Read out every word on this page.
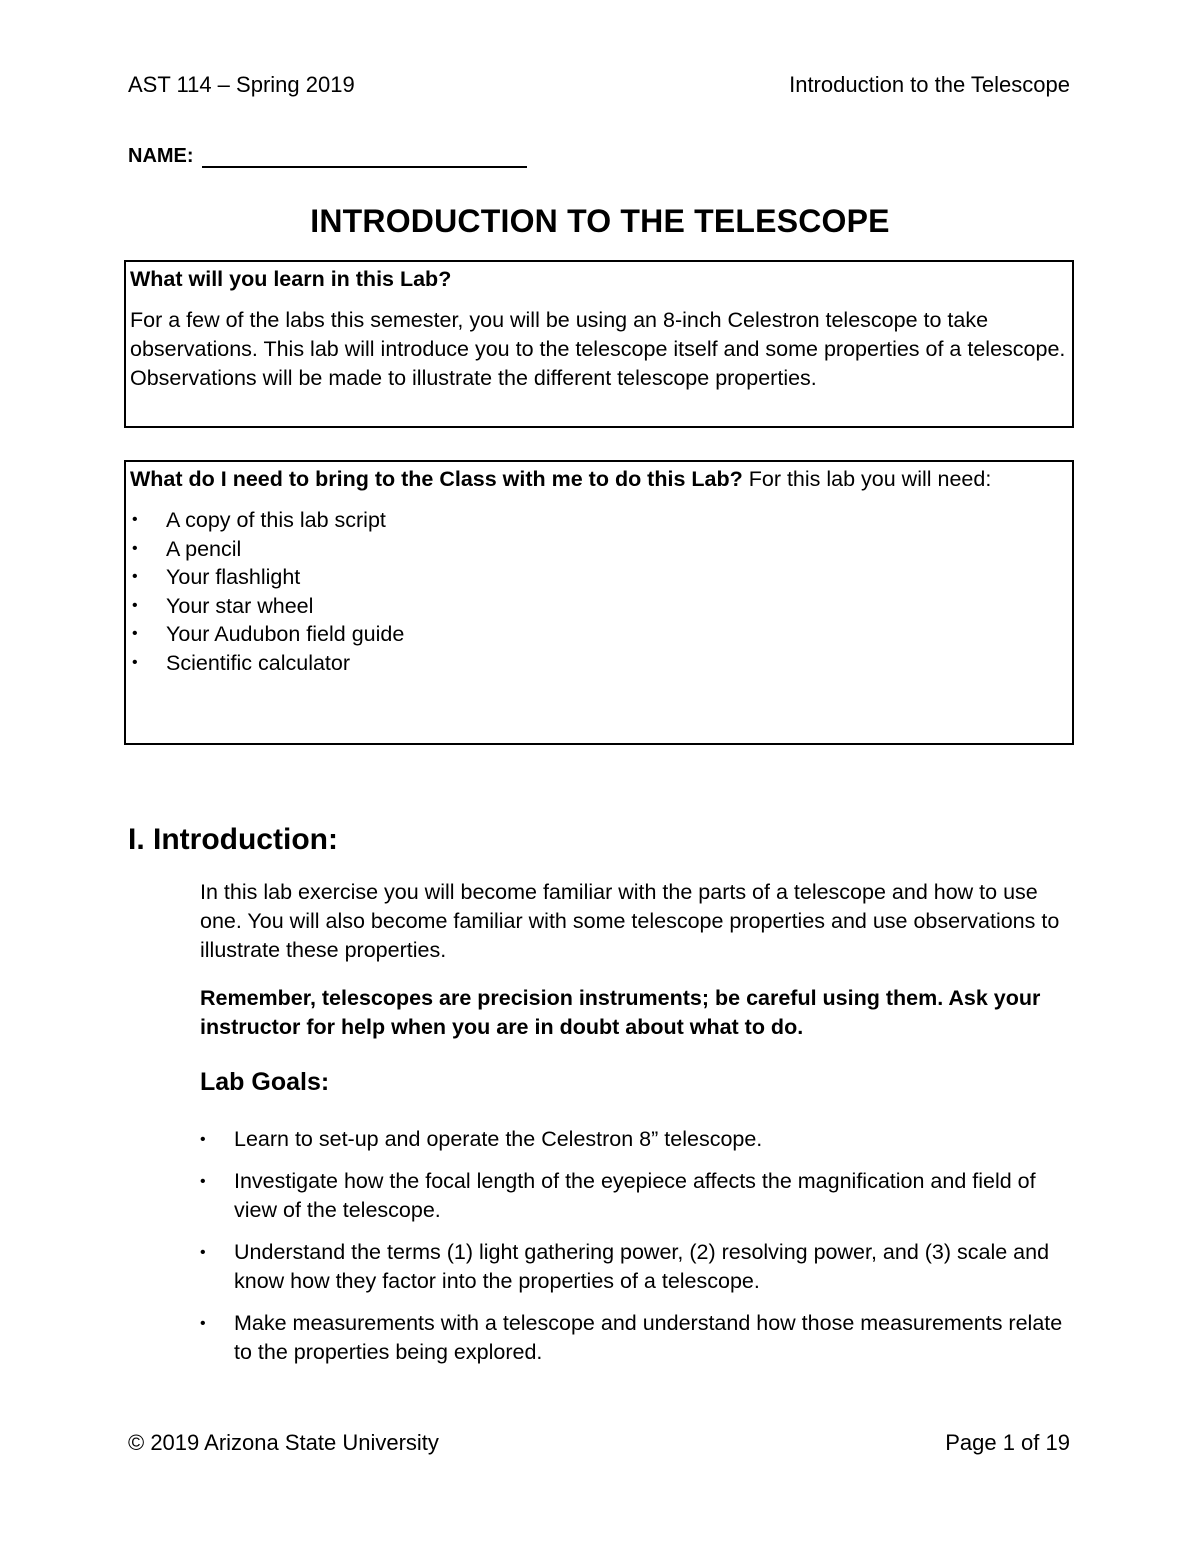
AST 114 – Spring 2019	Introduction to the Telescope
NAME:
INTRODUCTION TO THE TELESCOPE

What will you learn in this Lab?

For a few of the labs this semester, you will be using an 8-inch Celestron telescope to take observations. This lab will introduce you to the telescope itself and some properties of a telescope. Observations will be made to illustrate the different telescope properties.

What do I need to bring to the Class with me to do this Lab? For this lab you will need:

• A copy of this lab script
• A pencil
• Your flashlight
• Your star wheel
• Your Audubon field guide
• Scientific calculator
I. Introduction:
In this lab exercise you will become familiar with the parts of a telescope and how to use one. You will also become familiar with some telescope properties and use observations to illustrate these properties.
Remember, telescopes are precision instruments; be careful using them. Ask your instructor for help when you are in doubt about what to do.
Lab Goals:
• Learn to set-up and operate the Celestron 8” telescope.
• Investigate how the focal length of the eyepiece affects the magnification and field of view of the telescope.
• Understand the terms (1) light gathering power, (2) resolving power, and (3) scale and know how they factor into the properties of a telescope.
• Make measurements with a telescope and understand how those measurements relate to the properties being explored.
© 2019 Arizona State University	Page 1 of 19
